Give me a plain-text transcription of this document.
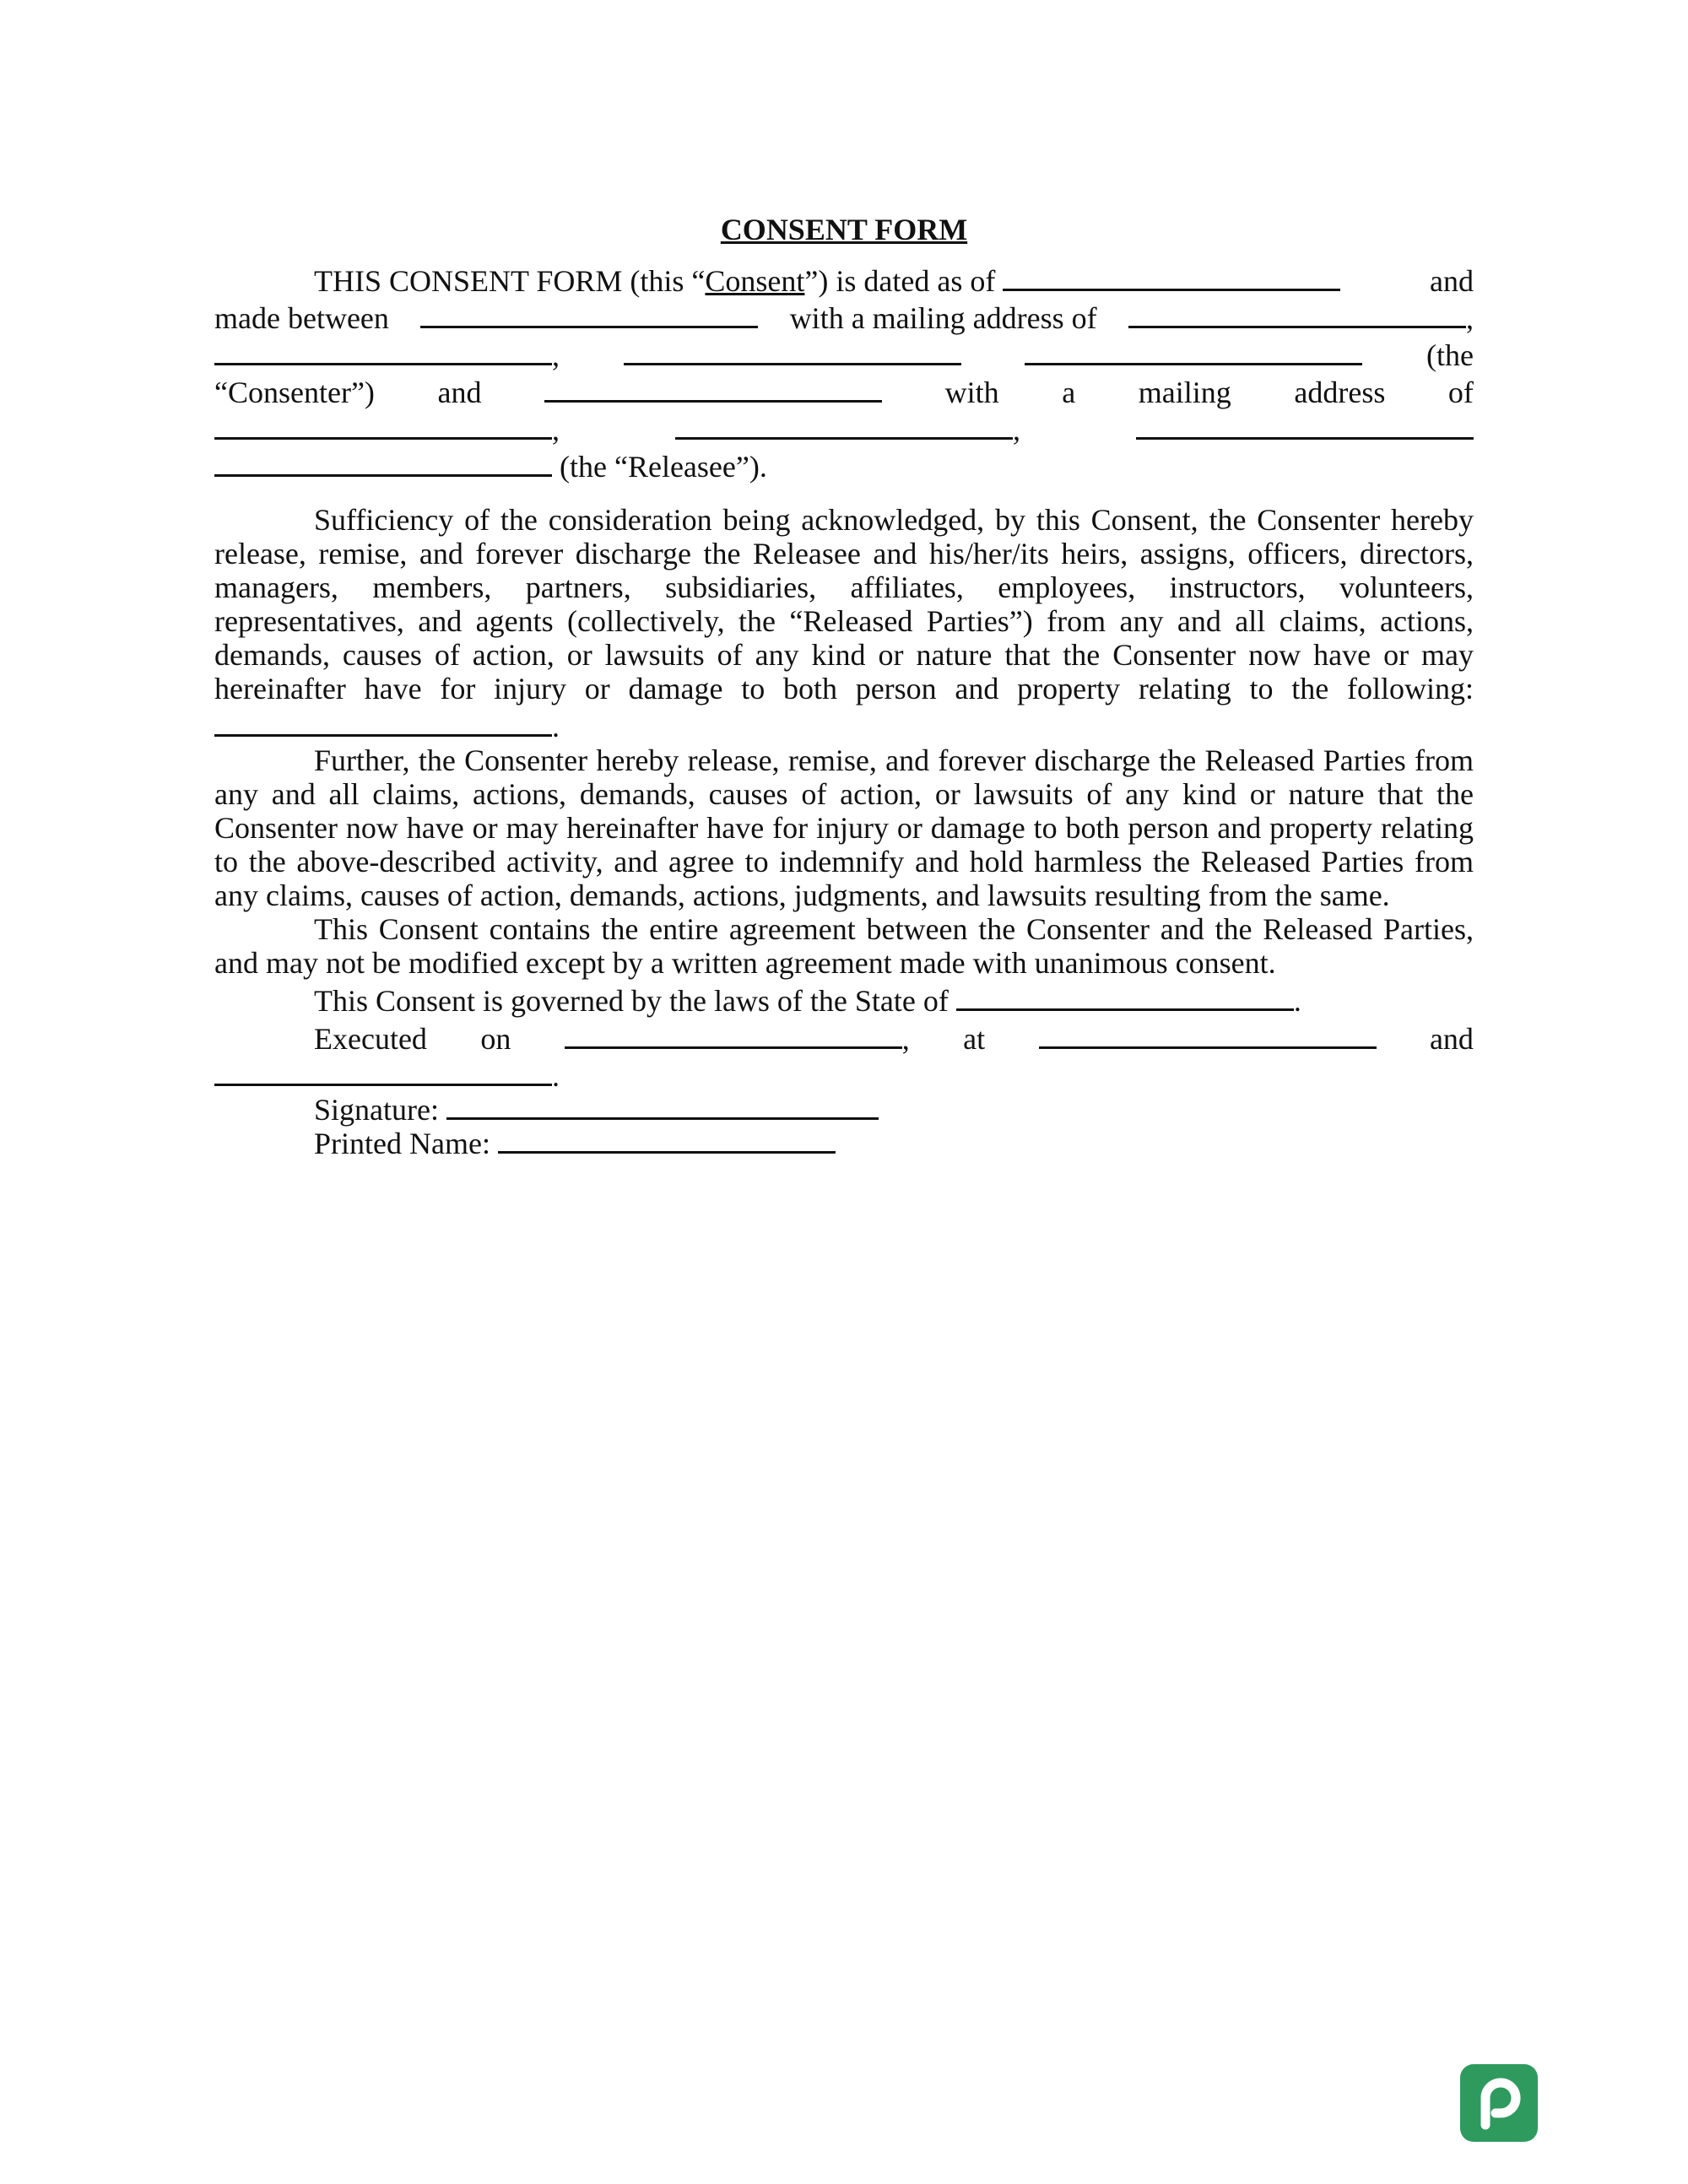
CONSENT FORM
THIS CONSENT FORM (this “Consent”) is dated as of	and
made between	with a mailing address of	,
,	(the
“Consenter”) and	with a mailing address of
,	,
(the “Releasee”).

Sufficiency of the consideration being acknowledged, by this Consent, the Consenter hereby release, remise, and forever discharge the Releasee and his/her/its heirs, assigns, officers, directors, managers, members, partners, subsidiaries, affiliates, employees, instructors, volunteers, representatives, and agents (collectively, the “Released Parties”) from any and all claims, actions, demands, causes of action, or lawsuits of any kind or nature that the Consenter now have or may hereinafter have for injury or damage to both person and property relating to the following: .

Further, the Consenter hereby release, remise, and forever discharge the Released Parties from any and all claims, actions, demands, causes of action, or lawsuits of any kind or nature that the Consenter now have or may hereinafter have for injury or damage to both person and property relating to the above-described activity, and agree to indemnify and hold harmless the Released Parties from any claims, causes of action, demands, actions, judgments, and lawsuits resulting from the same.

This Consent contains the entire agreement between the Consenter and the Released Parties, and may not be modified except by a written agreement made with unanimous consent.

This Consent is governed by the laws of the State of	.

Executed on	, at	and
.
Signature:
Printed Name:
